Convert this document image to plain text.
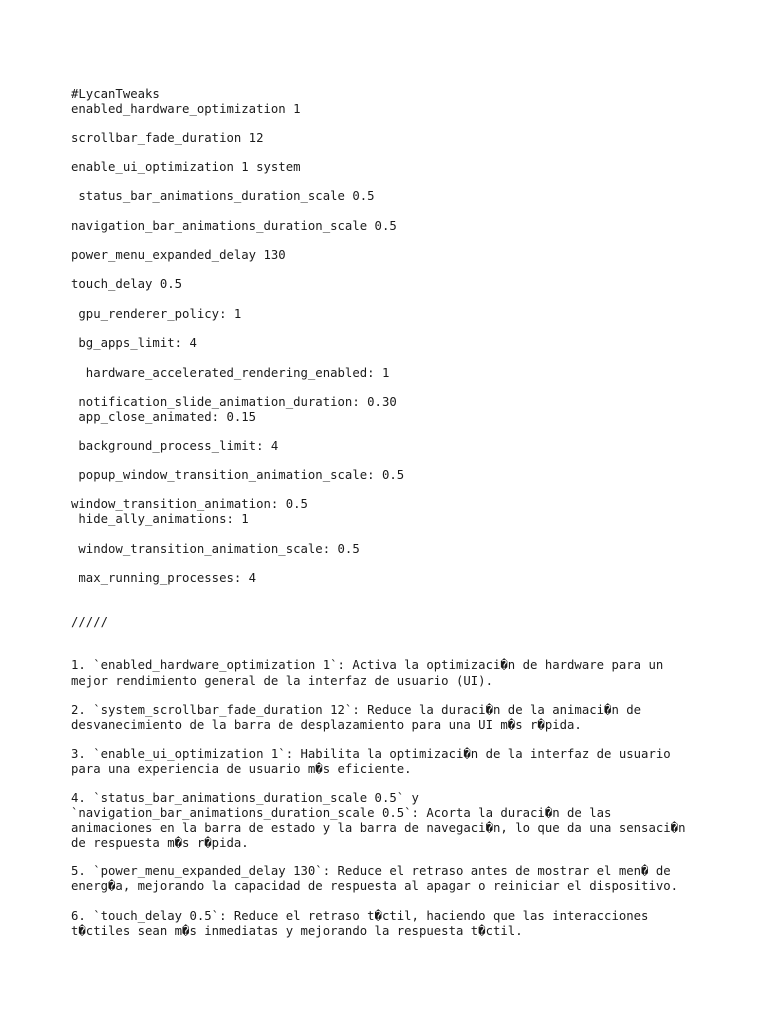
#LycanTweaks

enabled_hardware_optimization 1

scrollbar_fade_duration 12

enable_ui_optimization 1 system

status_bar_animations_duration_scale 0.5

navigation_bar_animations_duration_scale 0.5

power_menu_expanded_delay 130

touch_delay 0.5

gpu_renderer_policy: 1

bg_apps_limit: 4

hardware_accelerated_rendering_enabled: 1

notification_slide_animation_duration: 0.30

app_close_animated: 0.15

background_process_limit: 4

popup_window_transition_animation_scale: 0.5

window_transition_animation: 0.5

hide_ally_animations: 1

window_transition_animation_scale: 0.5

max_running_processes: 4

/////

1. `enabled_hardware_optimization 1`: Activa la optimizaci�n de hardware para un

mejor rendimiento general de la interfaz de usuario (UI).

2. `system_scrollbar_fade_duration 12`: Reduce la duraci�n de la animaci�n de

desvanecimiento de la barra de desplazamiento para una UI m�s r�pida.

3. `enable_ui_optimization 1`: Habilita la optimizaci�n de la interfaz de usuario

para una experiencia de usuario m�s eficiente.

4. `status_bar_animations_duration_scale 0.5` y

`navigation_bar_animations_duration_scale 0.5`: Acorta la duraci�n de las

animaciones en la barra de estado y la barra de navegaci�n, lo que da una sensaci�n

de respuesta m�s r�pida.

5. `power_menu_expanded_delay 130`: Reduce el retraso antes de mostrar el men� de

energ�a, mejorando la capacidad de respuesta al apagar o reiniciar el dispositivo.

6. `touch_delay 0.5`: Reduce el retraso t�ctil, haciendo que las interacciones

t�ctiles sean m�s inmediatas y mejorando la respuesta t�ctil.
